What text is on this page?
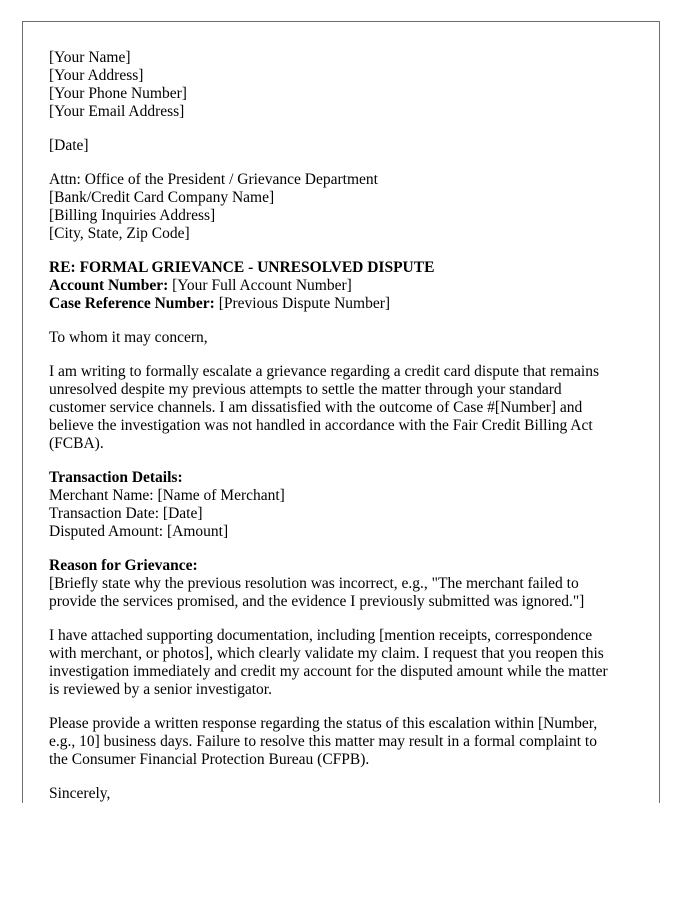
[Your Name]
[Your Address]
[Your Phone Number]
[Your Email Address]
[Date]
Attn: Office of the President / Grievance Department
[Bank/Credit Card Company Name]
[Billing Inquiries Address]
[City, State, Zip Code]
RE: FORMAL GRIEVANCE - UNRESOLVED DISPUTE
Account Number: [Your Full Account Number]
Case Reference Number: [Previous Dispute Number]
To whom it may concern,
I am writing to formally escalate a grievance regarding a credit card dispute that remains
unresolved despite my previous attempts to settle the matter through your standard
customer service channels. I am dissatisfied with the outcome of Case #[Number] and
believe the investigation was not handled in accordance with the Fair Credit Billing Act
(FCBA).
Transaction Details:
Merchant Name: [Name of Merchant]
Transaction Date: [Date]
Disputed Amount: [Amount]
Reason for Grievance:
[Briefly state why the previous resolution was incorrect, e.g., "The merchant failed to
provide the services promised, and the evidence I previously submitted was ignored."]
I have attached supporting documentation, including [mention receipts, correspondence
with merchant, or photos], which clearly validate my claim. I request that you reopen this
investigation immediately and credit my account for the disputed amount while the matter
is reviewed by a senior investigator.
Please provide a written response regarding the status of this escalation within [Number,
e.g., 10] business days. Failure to resolve this matter may result in a formal complaint to
the Consumer Financial Protection Bureau (CFPB).
Sincerely,
